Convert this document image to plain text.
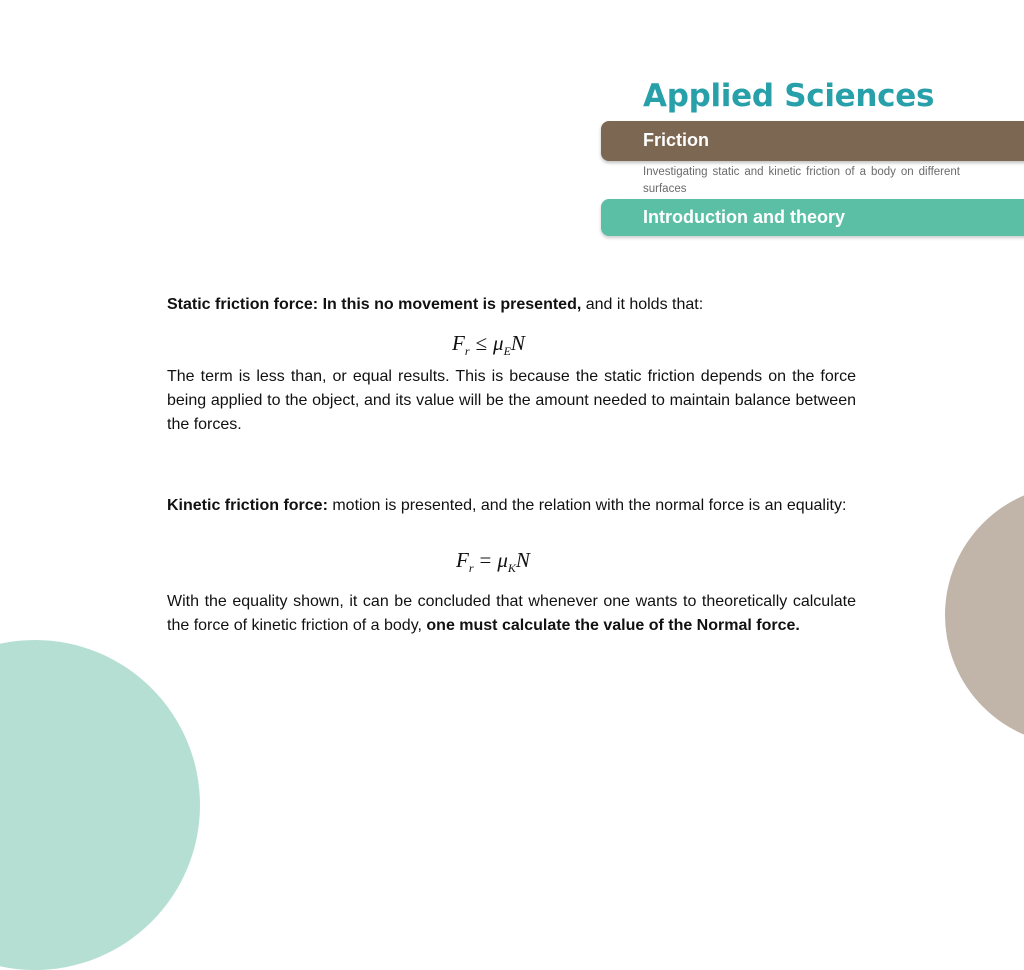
Applied Sciences
Friction
Investigating static and kinetic friction of a body on different surfaces
Introduction and theory
Static friction force: In this no movement is presented, and it holds that:
$F_r \le \mu_EN$
The term is less than, or equal results. This is because the static friction depends on the force being applied to the object, and its value will be the amount needed to maintain balance between the forces.
Kinetic friction force: motion is presented, and the relation with the normal force is an equality:
$F_r = \mu_KN$
With the equality shown, it can be concluded that whenever one wants to theoretically calculate the force of kinetic friction of a body, one must calculate the value of the Normal force.
